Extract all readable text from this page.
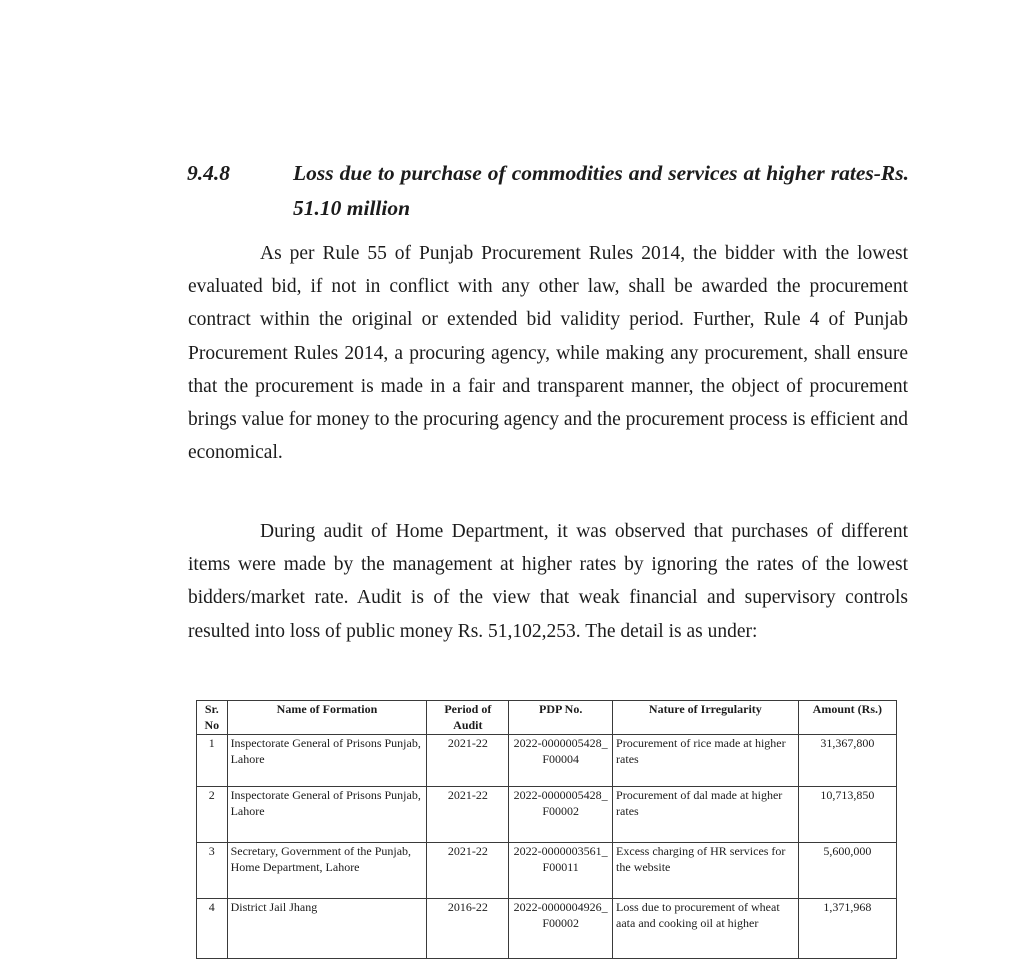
9.4.8	Loss due to purchase of commodities and services at higher rates-Rs. 51.10 million
As per Rule 55 of Punjab Procurement Rules 2014, the bidder with the lowest evaluated bid, if not in conflict with any other law, shall be awarded the procurement contract within the original or extended bid validity period. Further, Rule 4 of Punjab Procurement Rules 2014, a procuring agency, while making any procurement, shall ensure that the procurement is made in a fair and transparent manner, the object of procurement brings value for money to the procuring agency and the procurement process is efficient and economical.
During audit of Home Department, it was observed that purchases of different items were made by the management at higher rates by ignoring the rates of the lowest bidders/market rate. Audit is of the view that weak financial and supervisory controls resulted into loss of public money Rs. 51,102,253. The detail is as under:
Sr. No	Name of Formation	Period of Audit	PDP No.	Nature of Irregularity	Amount (Rs.)
1	Inspectorate General of Prisons Punjab, Lahore	2021-22	2022-0000005428_F00004	Procurement of rice made at higher rates	31,367,800
2	Inspectorate General of Prisons Punjab, Lahore	2021-22	2022-0000005428_F00002	Procurement of dal made at higher rates	10,713,850
3	Secretary, Government of the Punjab, Home Department, Lahore	2021-22	2022-0000003561_F00011	Excess charging of HR services for the website	5,600,000
4	District Jail Jhang	2016-22	2022-0000004926_F00002	Loss due to procurement of wheat aata and cooking oil at higher	1,371,968
